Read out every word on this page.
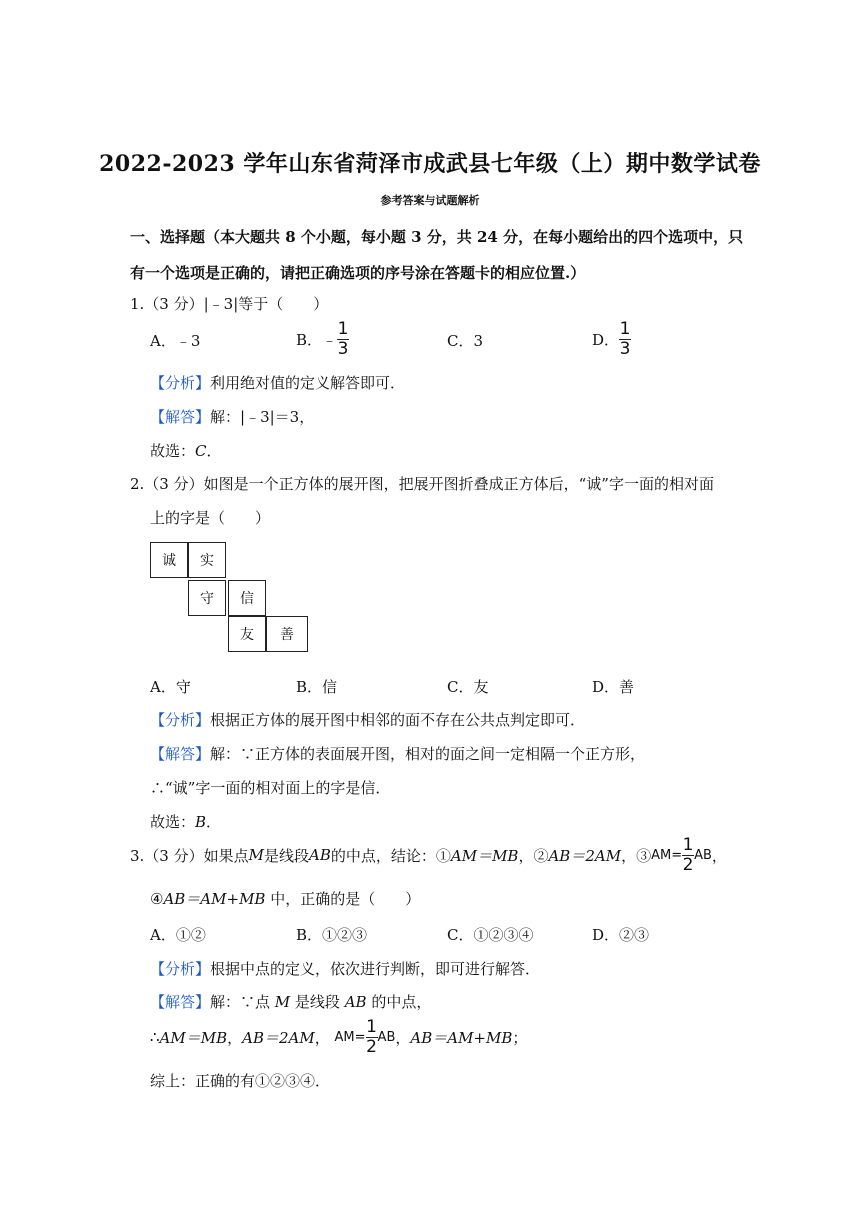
2022-2023 学年山东省菏泽市成武县七年级（上）期中数学试卷
参考答案与试题解析
一、选择题（本大题共 8 个小题，每小题 3 分，共 24 分，在每小题给出的四个选项中，只
有一个选项是正确的，请把正确选项的序号涂在答题卡的相应位置.）
1.（3 分）|﹣3|等于（　　）
A．﹣3	B．﹣ $\frac{1}{3}$	C．3	D． $\frac{1}{3}$
【分析】利用绝对值的定义解答即可．
【解答】解：|﹣3|＝3，
故选：C．
2.（3 分）如图是一个正方体的展开图，把展开图折叠成正方体后，“诚”字一面的相对面
上的字是（　　）
诚	实
守	信
友	善
A．守	B．信	C．友	D．善
【分析】根据正方体的展开图中相邻的面不存在公共点判定即可．
【解答】解：∵正方体的表面展开图，相对的面之间一定相隔一个正方形，
∴“诚”字一面的相对面上的字是信．
故选：B．
3.（3 分）如果点 M 是线段 AB 的中点，结论：① AM＝MB ，② AB＝2AM ，③ $AM= \frac{1}{2}$ AB ，
④AB＝AM+MB 中，正确的是（　　）
A．①②	B．①②③	C．①②③④	D．②③
【分析】根据中点的定义，依次进行判断，即可进行解答．
【解答】解：∵点 M 是线段 AB 的中点，
∴ AM＝MB ， AB＝2AM ，
$AM= \frac{1}{2}$ AB ， AB＝AM+MB ；
综上：正确的有①②③④．
